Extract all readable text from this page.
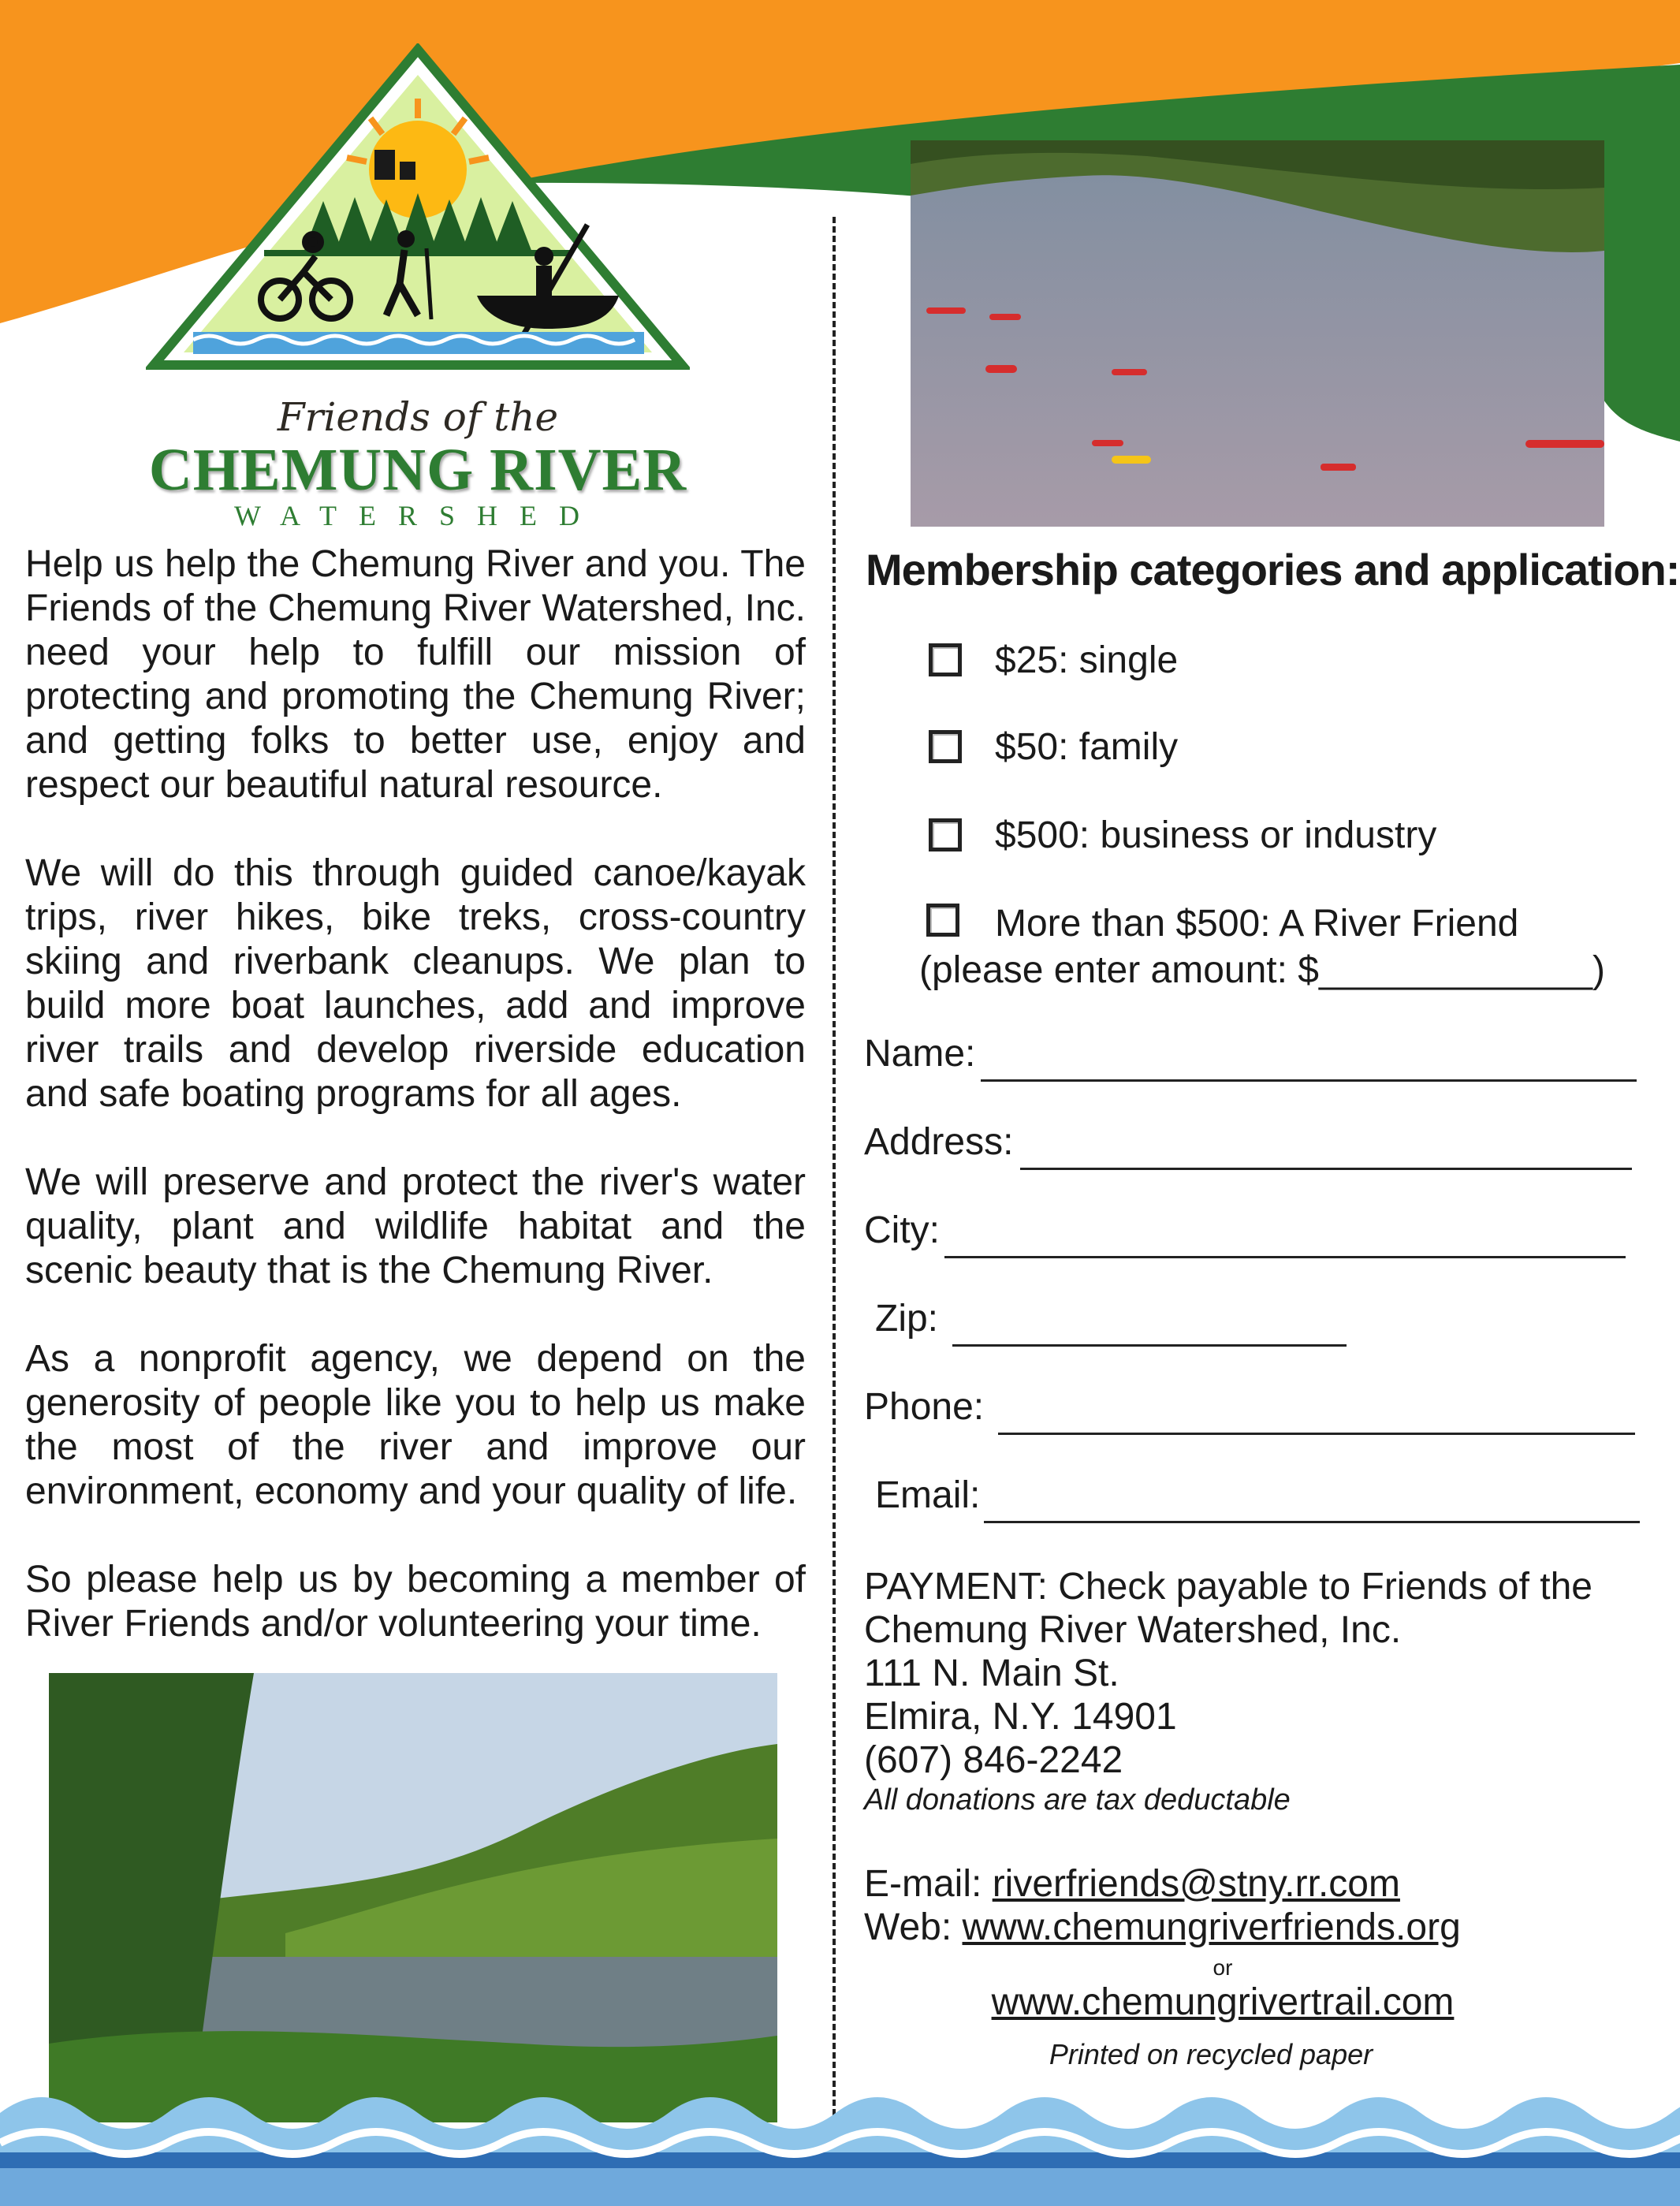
Friends of the
CHEMUNG RIVER
WATERSHED

Help us help the Chemung River and you. The Friends of the Chemung River Watershed, Inc. need your help to fulfill our mission of protecting and promoting the Chemung River; and getting folks to better use, enjoy and respect our beautiful natural resource.

We will do this through guided canoe/kayak trips, river hikes, bike treks, cross-country skiing and riverbank cleanups. We plan to build more boat launches, add and improve river trails and develop riverside education and safe boating programs for all ages.

We will preserve and protect the river's water quality, plant and wildlife habitat and the scenic beauty that is the Chemung River.

As a nonprofit agency, we depend on the generosity of people like you to help us make the most of the river and improve our environment, economy and your quality of life.

So please help us by becoming a member of River Friends and/or volunteering your time.

Membership categories and application:
$25: single
$50: family
$500: business or industry
More than $500: A River Friend
(please enter amount: $_____________)
Name:
Address:
City:
Zip:
Phone:
Email:
PAYMENT: Check payable to Friends of the
Chemung River Watershed, Inc.
111 N. Main St.
Elmira, N.Y. 14901
(607) 846-2242
All donations are tax deductable
E-mail: riverfriends@stny.rr.com
Web: www.chemungriverfriends.org
or
www.chemungrivertrail.com
Printed on recycled paper
